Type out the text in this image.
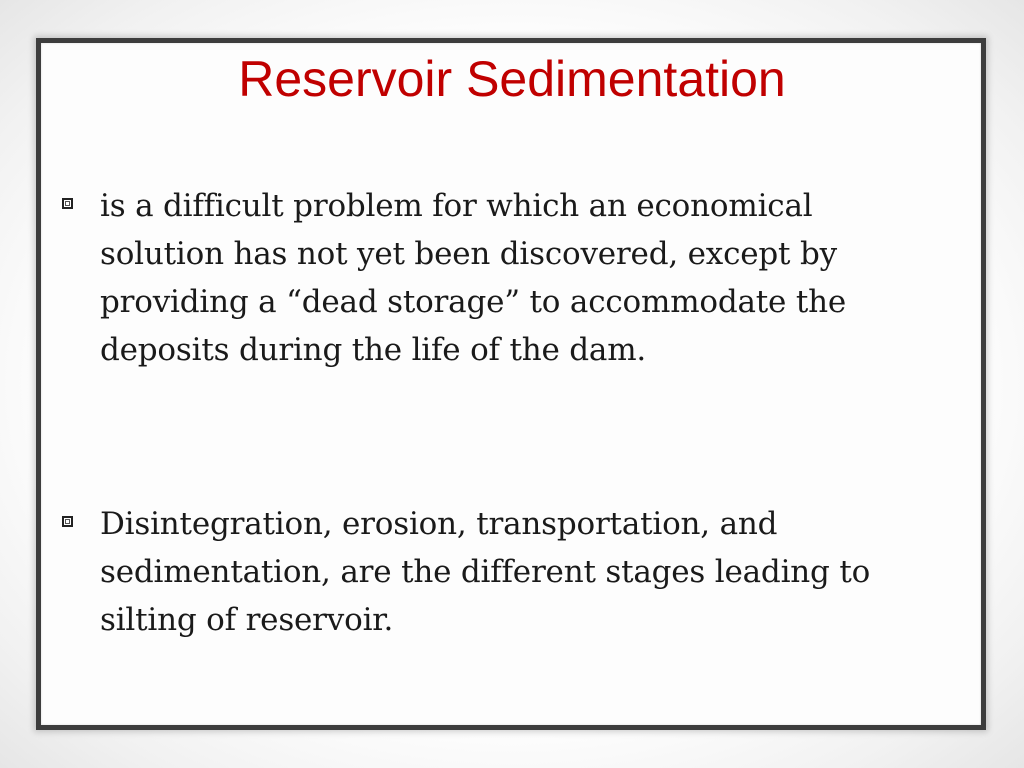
Reservoir Sedimentation
is a difficult problem for which an economical solution has not yet been discovered, except by providing a “dead storage” to accommodate the deposits during the life of the dam.
Disintegration, erosion, transportation, and sedimentation, are the different stages leading to silting of reservoir.
